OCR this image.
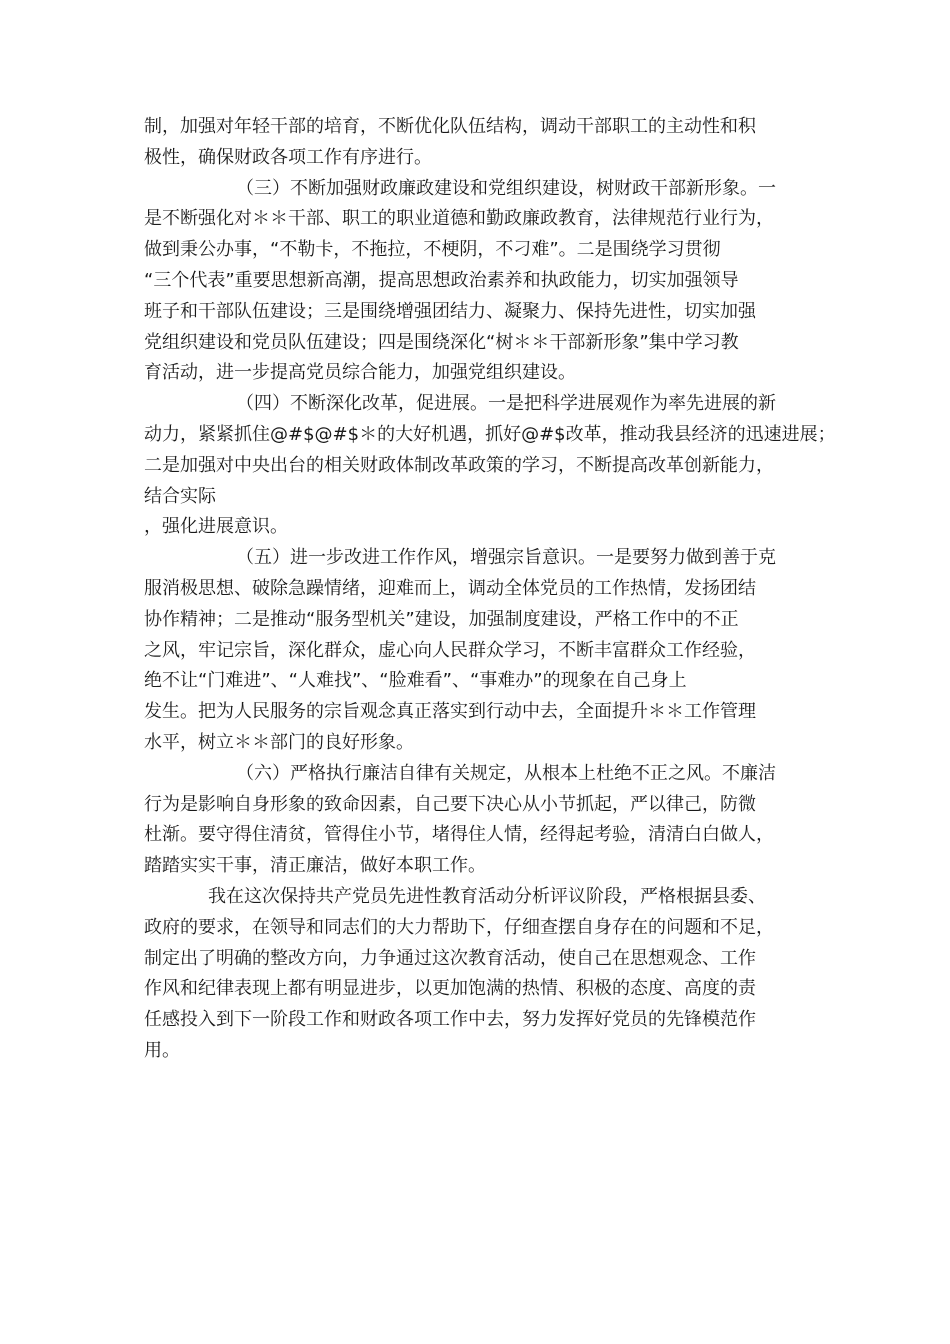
制，加强对年轻干部的培育，不断优化队伍结构，调动干部职工的主动性和积
极性，确保财政各项工作有序进行。
（三）不断加强财政廉政建设和党组织建设，树财政干部新形象。一
是不断强化对＊＊干部、职工的职业道德和勤政廉政教育，法律规范行业行为，
做到秉公办事，“不勒卡，不拖拉，不梗阴，不刁难”。二是围绕学习贯彻
“三个代表”重要思想新高潮，提高思想政治素养和执政能力，切实加强领导
班子和干部队伍建设；三是围绕增强团结力、凝聚力、保持先进性，切实加强
党组织建设和党员队伍建设；四是围绕深化“树＊＊干部新形象”集中学习教
育活动，进一步提高党员综合能力，加强党组织建设。
（四）不断深化改革，促进展。一是把科学进展观作为率先进展的新
动力，紧紧抓住@#$@#$＊的大好机遇，抓好@#$改革，推动我县经济的迅速进展；
二是加强对中央出台的相关财政体制改革政策的学习，不断提高改革创新能力，
结合实际
，强化进展意识。
（五）进一步改进工作作风，增强宗旨意识。一是要努力做到善于克
服消极思想、破除急躁情绪，迎难而上，调动全体党员的工作热情，发扬团结
协作精神；二是推动“服务型机关”建设，加强制度建设，严格工作中的不正
之风，牢记宗旨，深化群众，虚心向人民群众学习，不断丰富群众工作经验，
绝不让“门难进”、“人难找”、“脸难看”、“事难办”的现象在自己身上
发生。把为人民服务的宗旨观念真正落实到行动中去，全面提升＊＊工作管理
水平，树立＊＊部门的良好形象。
（六）严格执行廉洁自律有关规定，从根本上杜绝不正之风。不廉洁
行为是影响自身形象的致命因素，自己要下决心从小节抓起，严以律己，防微
杜渐。要守得住清贫，管得住小节，堵得住人情，经得起考验，清清白白做人，
踏踏实实干事，清正廉洁，做好本职工作。
我在这次保持共产党员先进性教育活动分析评议阶段，严格根据县委、
政府的要求，在领导和同志们的大力帮助下，仔细查摆自身存在的问题和不足，
制定出了明确的整改方向，力争通过这次教育活动，使自己在思想观念、工作
作风和纪律表现上都有明显进步，以更加饱满的热情、积极的态度、高度的责
任感投入到下一阶段工作和财政各项工作中去，努力发挥好党员的先锋模范作
用。
